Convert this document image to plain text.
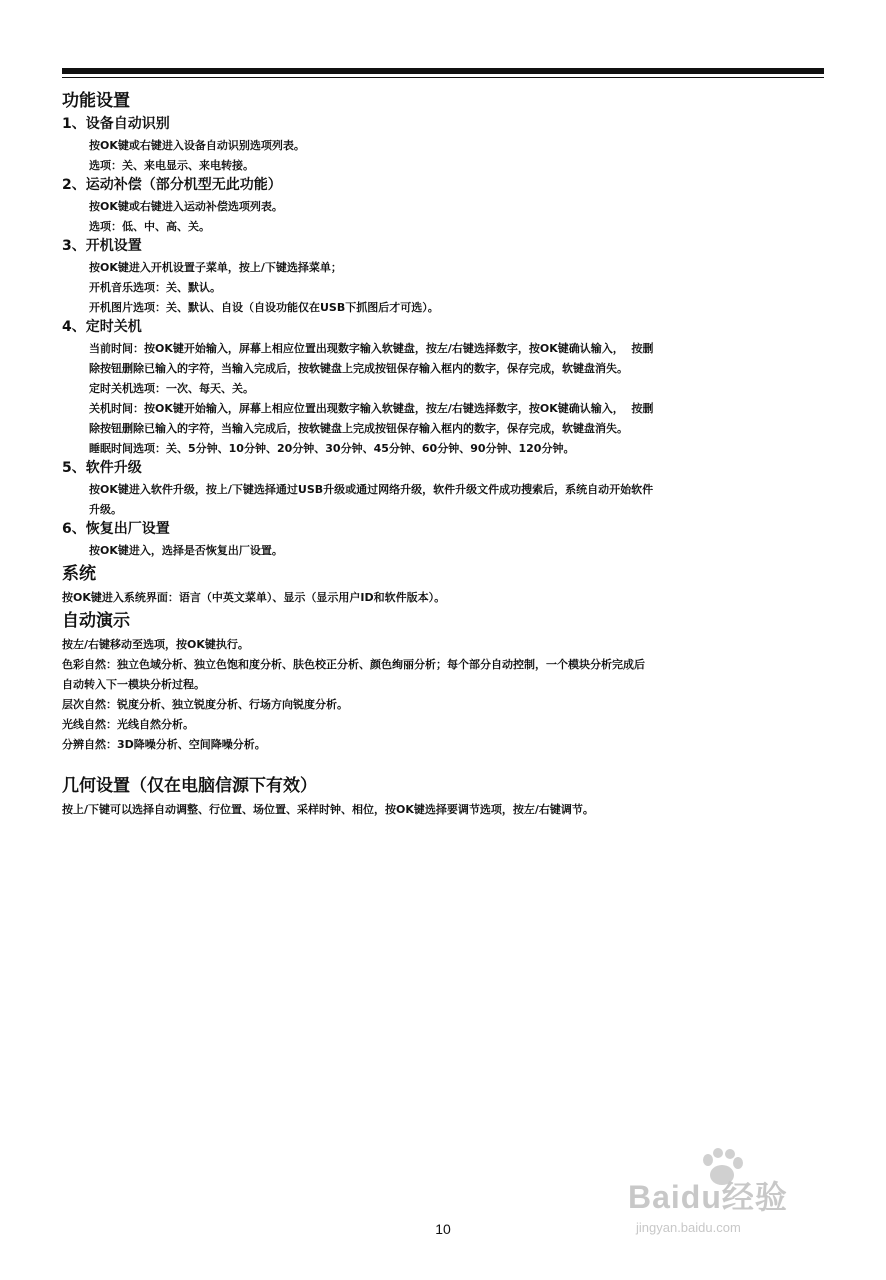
功能设置
1、设备自动识别
按OK键或右键进入设备自动识别选项列表。
选项：关、来电显示、来电转接。
2、运动补偿（部分机型无此功能）
按OK键或右键进入运动补偿选项列表。
选项：低、中、高、关。
3、开机设置
按OK键进入开机设置子菜单，按上/下键选择菜单；
开机音乐选项：关、默认。
开机图片选项：关、默认、自设（自设功能仅在USB下抓图后才可选）。
4、定时关机
当前时间：按OK键开始输入，屏幕上相应位置出现数字输入软键盘，按左/右键选择数字，按OK键确认输入，  按删
除按钮删除已输入的字符，当输入完成后，按软键盘上完成按钮保存输入框内的数字，保存完成，软键盘消失。
定时关机选项：一次、每天、关。
关机时间：按OK键开始输入，屏幕上相应位置出现数字输入软键盘，按左/右键选择数字，按OK键确认输入，  按删
除按钮删除已输入的字符，当输入完成后，按软键盘上完成按钮保存输入框内的数字，保存完成，软键盘消失。
睡眠时间选项：关、5分钟、10分钟、20分钟、30分钟、45分钟、60分钟、90分钟、120分钟。
5、软件升级
按OK键进入软件升级，按上/下键选择通过USB升级或通过网络升级，软件升级文件成功搜索后，系统自动开始软件
升级。
6、恢复出厂设置
按OK键进入，选择是否恢复出厂设置。
系统
按OK键进入系统界面：语言（中英文菜单）、显示（显示用户ID和软件版本）。
自动演示
按左/右键移动至选项，按OK键执行。
色彩自然：独立色域分析、独立色饱和度分析、肤色校正分析、颜色绚丽分析；每个部分自动控制，一个模块分析完成后
自动转入下一模块分析过程。
层次自然：锐度分析、独立锐度分析、行场方向锐度分析。
光线自然：光线自然分析。
分辨自然：3D降噪分析、空间降噪分析。
几何设置（仅在电脑信源下有效）
按上/下键可以选择自动调整、行位置、场位置、采样时钟、相位，按OK键选择要调节选项，按左/右键调节。
10
Baidu经验
jingyan.baidu.com
